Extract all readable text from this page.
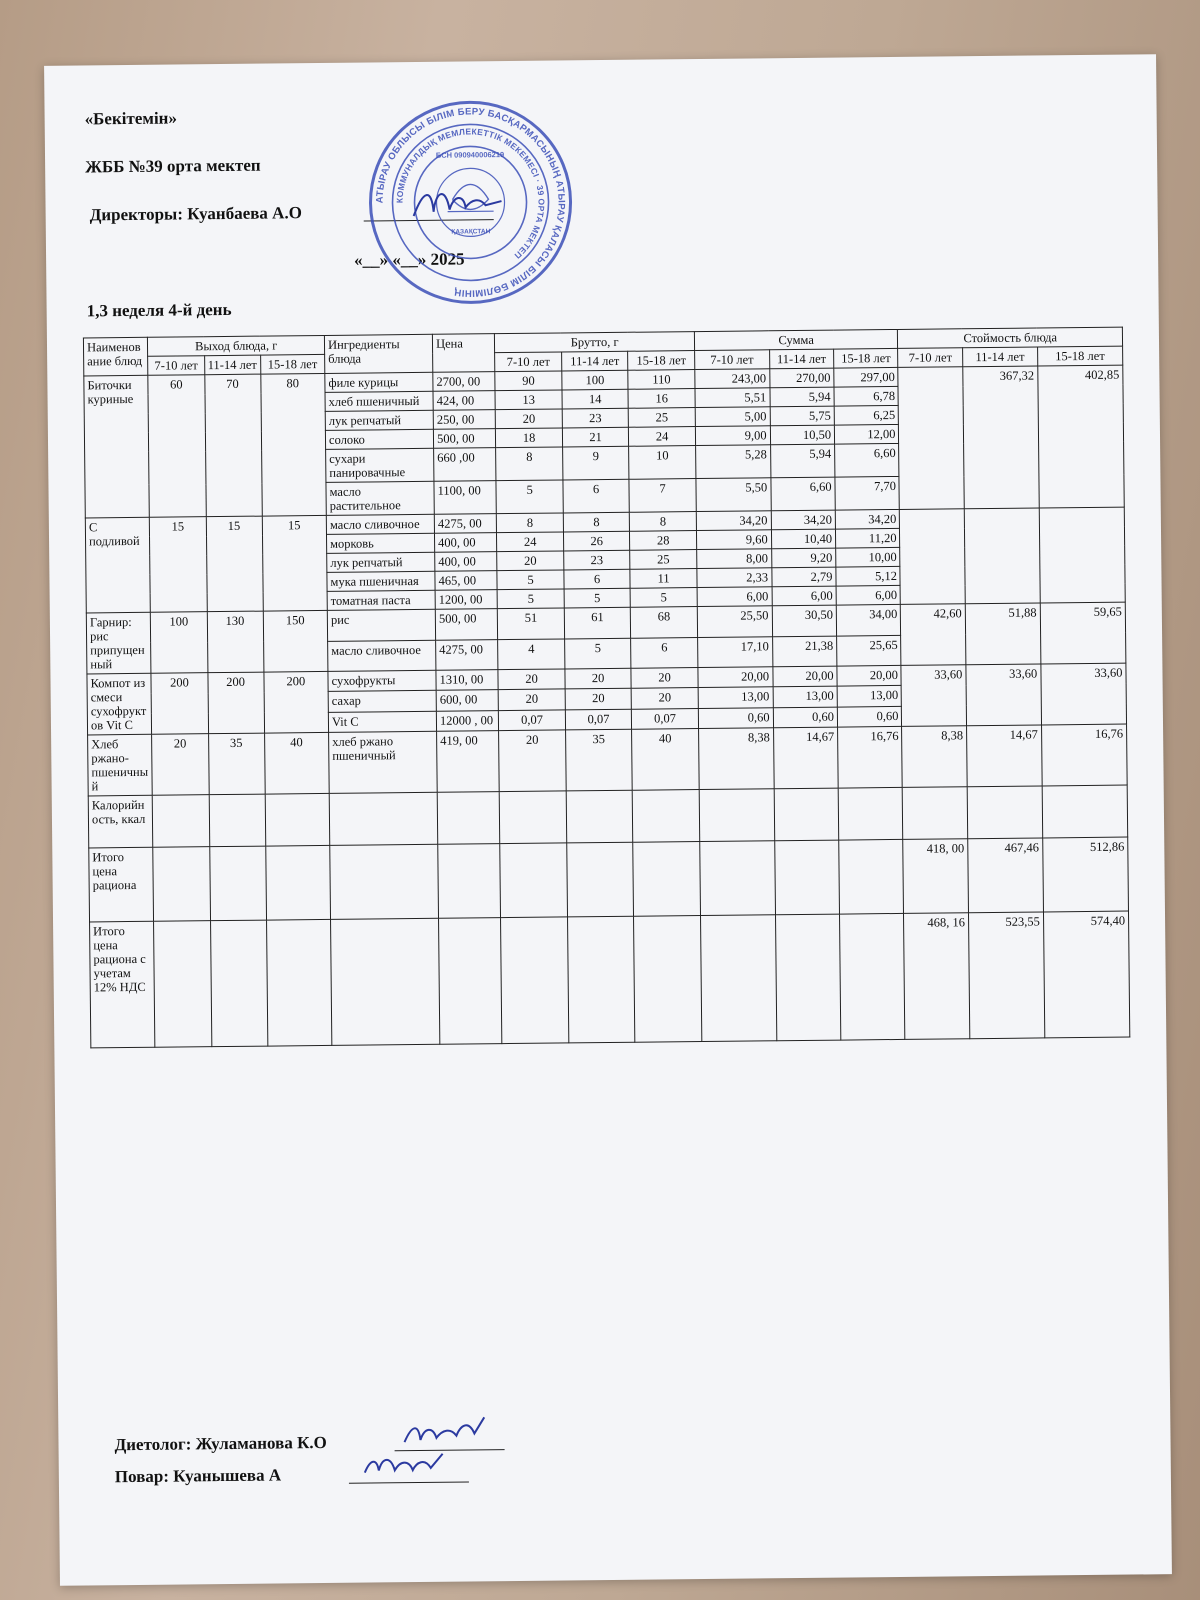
«Бекітемін»
ЖББ №39 орта мектеп
Директоры: Куанбаева А.О
«__» «__» 2025
1,3 неделя 4-й день
АТЫРАУ ОБЛЫСЫ БІЛІМ БЕРУ БАСҚАРМАСЫНЫҢ АТЫРАУ ҚАЛАСЫ БІЛІМ БӨЛІМІНІҢ
КОММУНАЛДЫҚ МЕМЛЕКЕТТІК МЕКЕМЕСІ · 39 ОРТА МЕКТЕП
БСН 090940006219
ҚАЗАҚСТАН
Наименование блюд	Выход блюда, г			Ингредиенты блюда	Цена	Брутто, г			Сумма			Стоймость блюда		
	7-10 лет	11-14 лет	15-18 лет			7-10 лет	11-14 лет	15-18 лет	7-10 лет	11-14 лет	15-18 лет	7-10 лет	11-14 лет	15-18 лет
Биточки куриные	60	70	80	филе курицы	2700, 00	90	100	110	243,00	270,00	297,00		367,32	402,85
				хлеб пшеничный	424, 00	13	14	16	5,51	5,94	6,78			
				лук репчатый	250, 00	20	23	25	5,00	5,75	6,25			
				солоко	500, 00	18	21	24	9,00	10,50	12,00			
				сухари панировачные	660 ,00	8	9	10	5,28	5,94	6,60			
				масло растительное	1100, 00	5	6	7	5,50	6,60	7,70			
С подливой	15	15	15	масло сливочное	4275, 00	8	8	8	34,20	34,20	34,20			
				морковь	400, 00	24	26	28	9,60	10,40	11,20			
				лук репчатый	400, 00	20	23	25	8,00	9,20	10,00			
				мука пшеничная	465, 00	5	6	11	2,33	2,79	5,12			
				томатная паста	1200, 00	5	5	5	6,00	6,00	6,00			
Гарнир: рис припущенный	100	130	150	рис	500, 00	51	61	68	25,50	30,50	34,00	42,60	51,88	59,65
				масло сливочное	4275, 00	4	5	6	17,10	21,38	25,65			
Компот из смеси сухофруктов Vit C	200	200	200	сухофрукты	1310, 00	20	20	20	20,00	20,00	20,00	33,60	33,60	33,60
				сахар	600, 00	20	20	20	13,00	13,00	13,00			
				Vit C	12000 , 00	0,07	0,07	0,07	0,60	0,60	0,60			
Хлеб ржано-пшеничный	20	35	40	хлеб ржано пшеничный	419, 00	20	35	40	8,38	14,67	16,76	8,38	14,67	16,76
Калорийность, ккал														
Итого цена рациона												418, 00	467,46	512,86
Итого цена рациона с учетам 12% НДС												468, 16	523,55	574,40
Диетолог: Жуламанова К.О
Повар: Куанышева А
